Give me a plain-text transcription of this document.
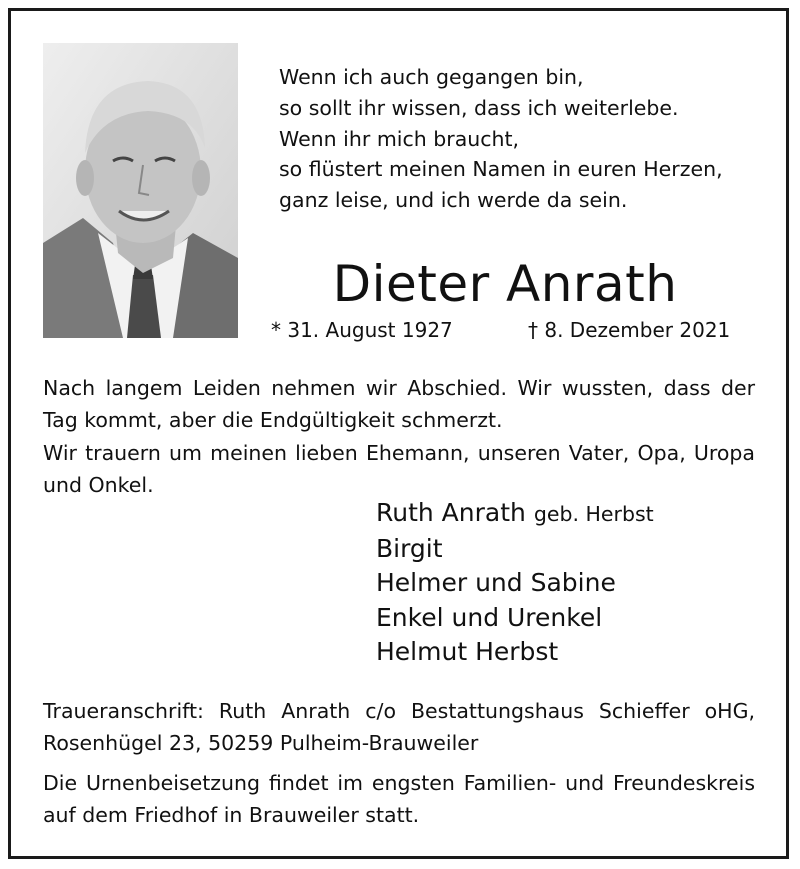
Wenn ich auch gegangen bin,
so sollt ihr wissen, dass ich weiterlebe.
Wenn ihr mich braucht,
so flüstert meinen Namen in euren Herzen,
ganz leise, und ich werde da sein.
Dieter Anrath
* 31. August 1927	† 8. Dezember 2021
Nach langem Leiden nehmen wir Abschied. Wir wussten, dass der Tag kommt, aber die Endgültigkeit schmerzt.
Wir trauern um meinen lieben Ehemann, unseren Vater, Opa, Uropa und Onkel.
Ruth Anrath geb. Herbst
Birgit
Helmer und Sabine
Enkel und Urenkel
Helmut Herbst
Traueranschrift: Ruth Anrath c/o Bestattungshaus Schieffer oHG, Rosenhügel 23, 50259 Pulheim-Brauweiler
Die Urnenbeisetzung findet im engsten Familien- und Freundeskreis auf dem Friedhof in Brauweiler statt.
